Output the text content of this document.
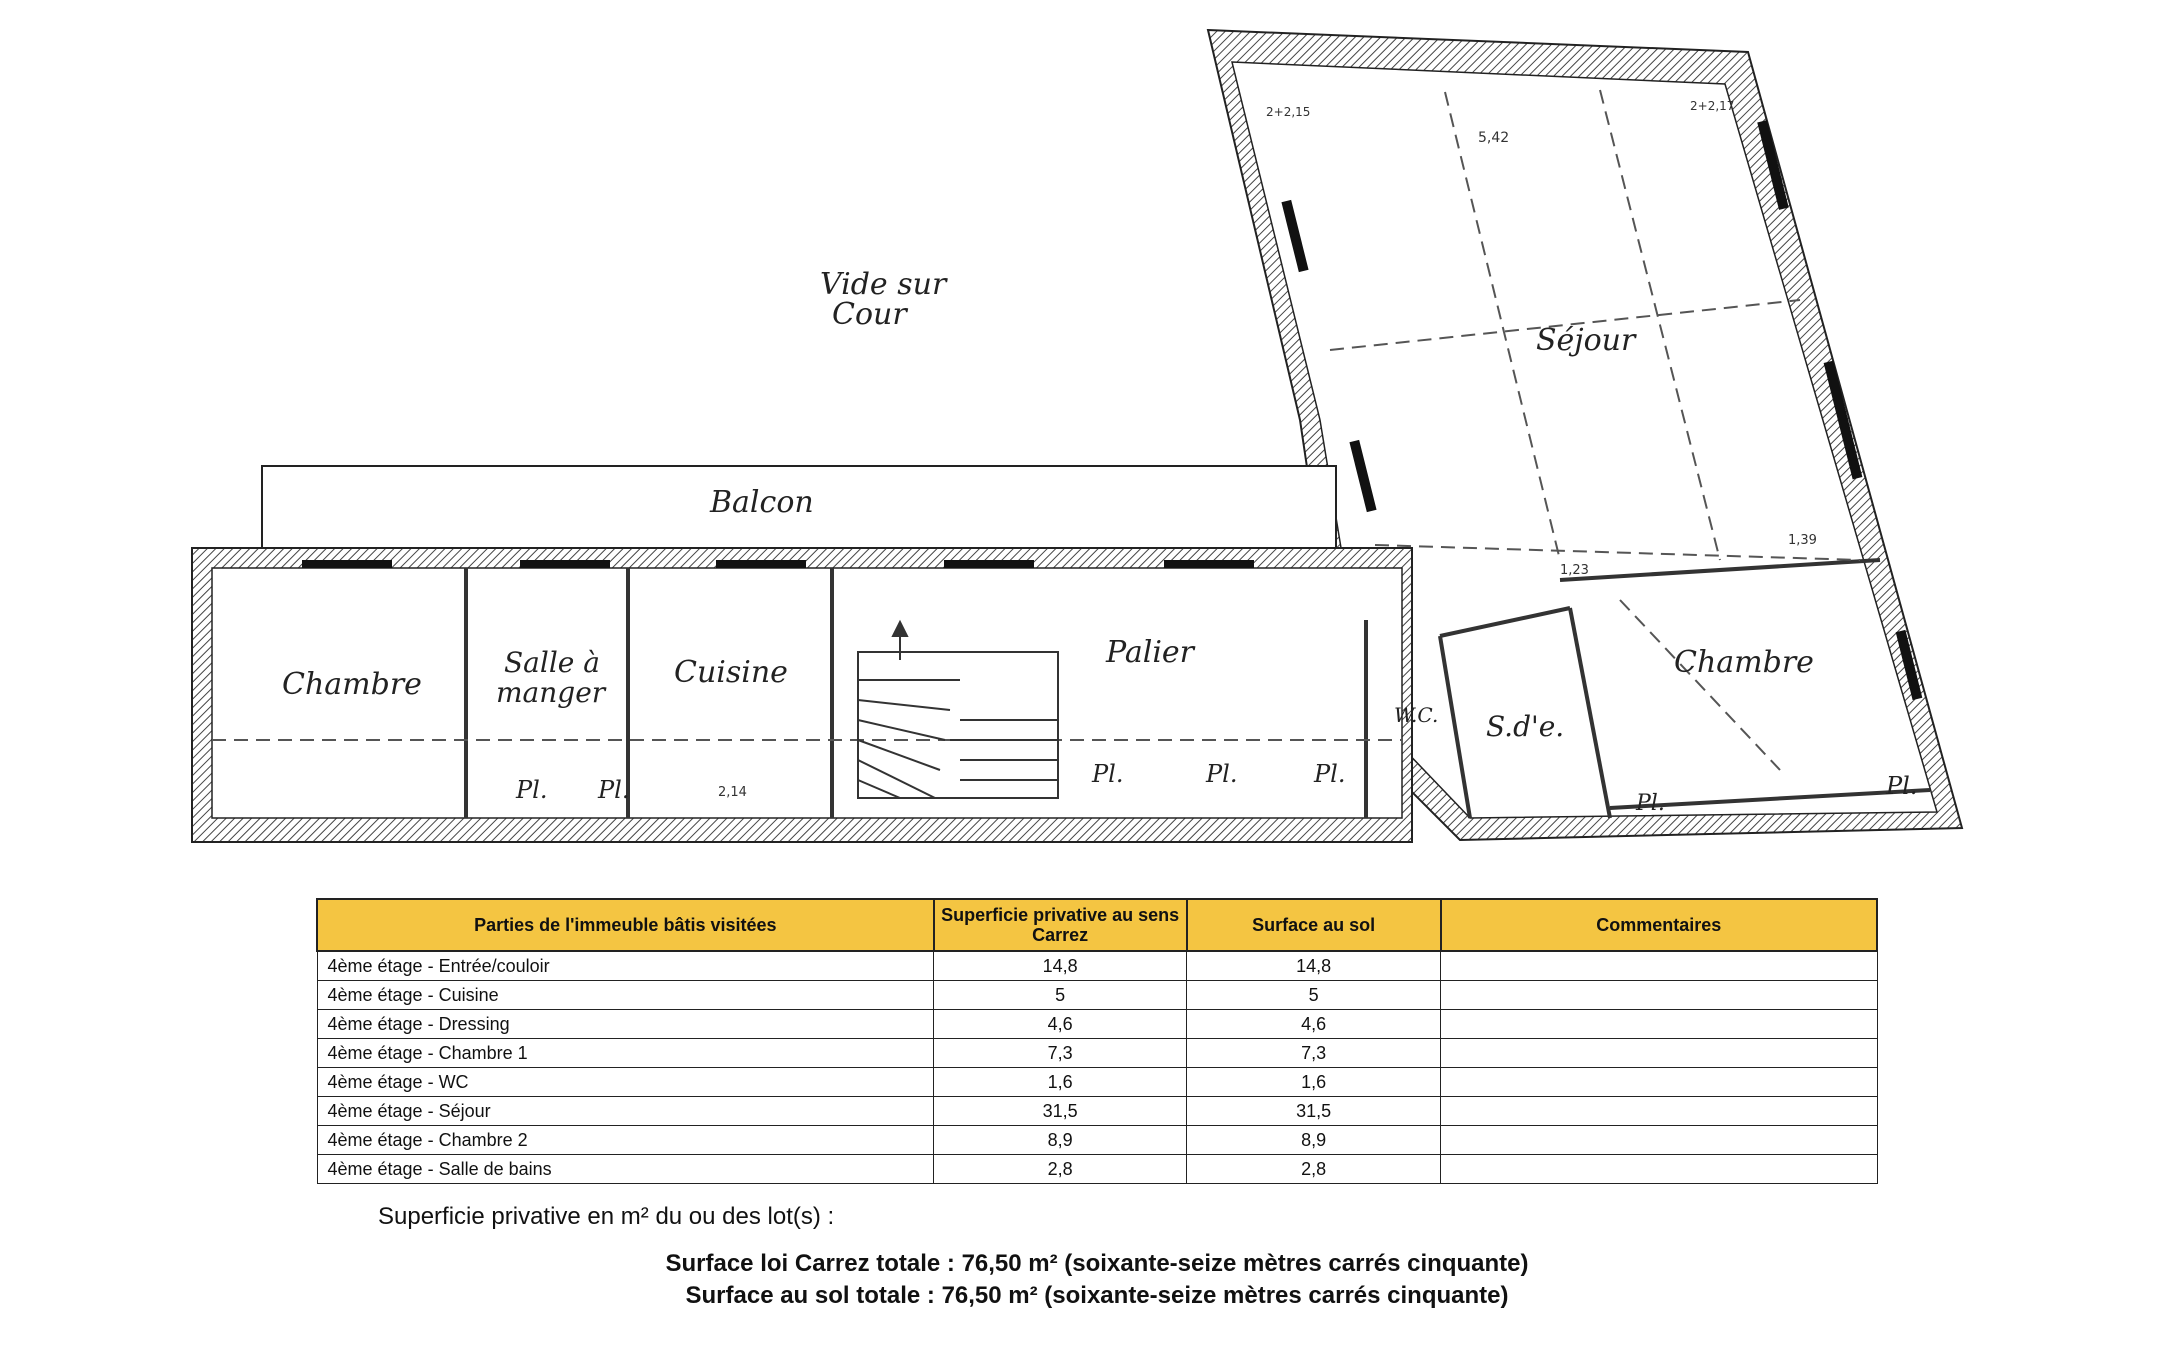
Vide sur
Cour
Balcon
Chambre
Salle à
manger
Cuisine
Palier
Séjour
Chambre
W.C. S.d'e.
Pl. Pl.
Pl.	Pl.	Pl.
Pl.
Pl.
5,42
2,14
1,39
1,23
2+2,15	2+2,17
Parties de l'immeuble bâtis visitées	Superficie privative au sens Carrez	Surface au sol	Commentaires
4ème étage - Entrée/couloir	14,8	14,8	
4ème étage - Cuisine	5	5	
4ème étage - Dressing	4,6	4,6	
4ème étage - Chambre 1	7,3	7,3	
4ème étage - WC	1,6	1,6	
4ème étage - Séjour	31,5	31,5	
4ème étage - Chambre 2	8,9	8,9	
4ème étage - Salle de bains	2,8	2,8	
Superficie privative en m² du ou des lot(s) :
Surface loi Carrez totale : 76,50 m² (soixante-seize mètres carrés cinquante)
Surface au sol totale : 76,50 m² (soixante-seize mètres carrés cinquante)
